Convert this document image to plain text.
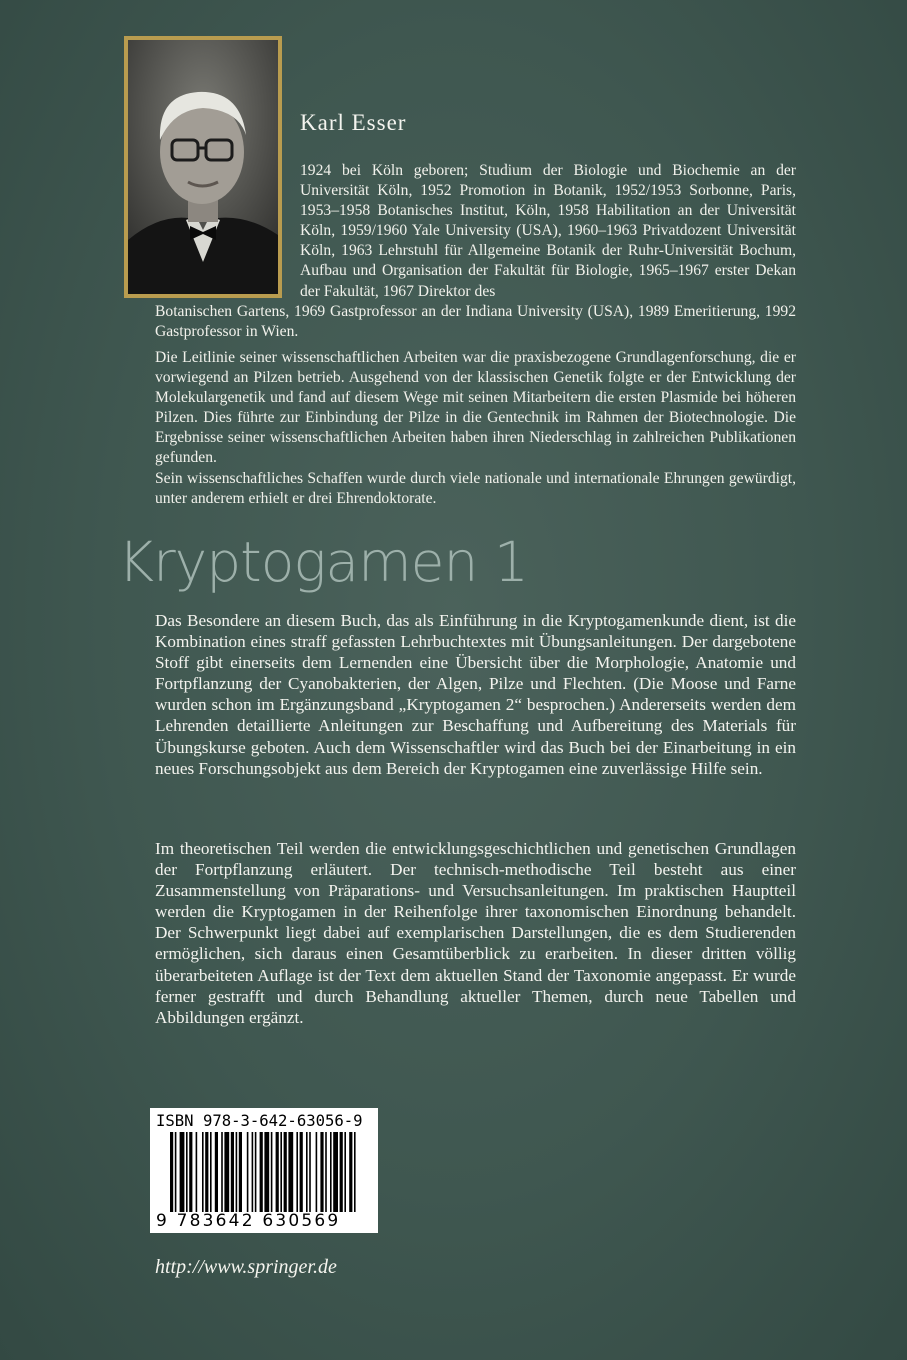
Karl Esser

1924 bei Köln geboren; Studium der Biologie und Biochemie an der Universität Köln, 1952 Promotion in Botanik, 1952/1953 Sorbonne, Paris, 1953–1958 Botanisches Institut, Köln, 1958 Habilitation an der Universität Köln, 1959/1960 Yale University (USA), 1960–1963 Privatdozent Universität Köln, 1963 Lehrstuhl für Allgemeine Botanik der Ruhr-Universität Bochum, Aufbau und Organisation der Fakultät für Biologie, 1965–1967 erster Dekan der Fakultät, 1967 Direktor des

Botanischen Gartens, 1969 Gastprofessor an der Indiana University (USA), 1989 Emeritierung, 1992 Gastprofessor in Wien.

Die Leitlinie seiner wissenschaftlichen Arbeiten war die praxisbezogene Grundlagenforschung, die er vorwiegend an Pilzen betrieb. Ausgehend von der klassischen Genetik folgte er der Entwicklung der Molekulargenetik und fand auf diesem Wege mit seinen Mitarbeitern die ersten Plasmide bei höheren Pilzen. Dies führte zur Einbindung der Pilze in die Gentechnik im Rahmen der Biotechnologie. Die Ergebnisse seiner wissenschaftlichen Arbeiten haben ihren Niederschlag in zahlreichen Publikationen gefunden.

Sein wissenschaftliches Schaffen wurde durch viele nationale und internationale Ehrungen gewürdigt, unter anderem erhielt er drei Ehrendoktorate.

Kryptogamen 1

Das Besondere an diesem Buch, das als Einführung in die Kryptogamenkunde dient, ist die Kombination eines straff gefassten Lehrbuchtextes mit Übungsanleitungen. Der dargebotene Stoff gibt einerseits dem Lernenden eine Übersicht über die Morphologie, Anatomie und Fortpflanzung der Cyanobakterien, der Algen, Pilze und Flechten. (Die Moose und Farne wurden schon im Ergänzungsband „Kryptogamen 2“ besprochen.) Andererseits werden dem Lehrenden detaillierte Anleitungen zur Beschaffung und Aufbereitung des Materials für Übungskurse geboten. Auch dem Wissenschaftler wird das Buch bei der Einarbeitung in ein neues Forschungsobjekt aus dem Bereich der Kryptogamen eine zuverlässige Hilfe sein.

Im theoretischen Teil werden die entwicklungsgeschichtlichen und genetischen Grundlagen der Fortpflanzung erläutert. Der technisch-methodische Teil besteht aus einer Zusammenstellung von Präparations- und Versuchsanleitungen. Im praktischen Hauptteil werden die Kryptogamen in der Reihenfolge ihrer taxonomischen Einordnung behandelt. Der Schwerpunkt liegt dabei auf exemplarischen Darstellungen, die es dem Studierenden ermöglichen, sich daraus einen Gesamtüberblick zu erarbeiten. In dieser dritten völlig überarbeiteten Auflage ist der Text dem aktuellen Stand der Taxonomie angepasst. Er wurde ferner gestrafft und durch Behandlung aktueller Themen, durch neue Tabellen und Abbildungen ergänzt.

ISBN 978-3-642-63056-9
9 783642 630569
http://www.springer.de
